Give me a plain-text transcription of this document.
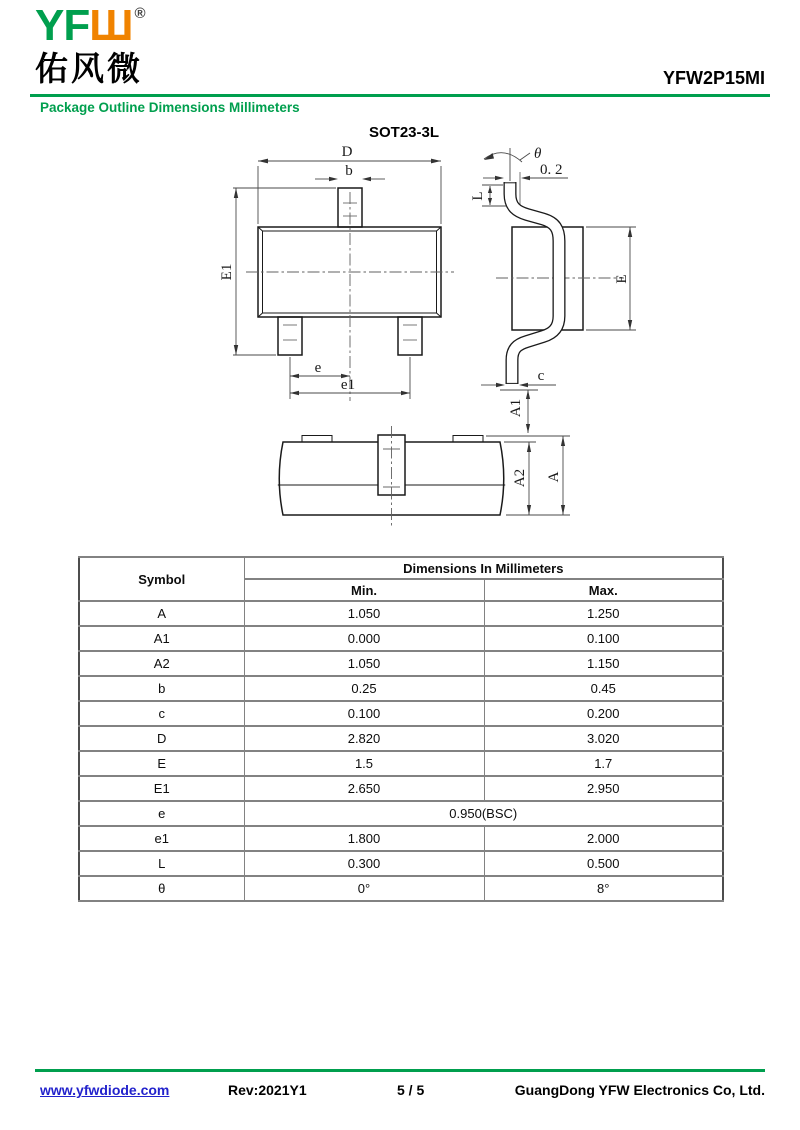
SOT23-3L
D
b
E1
e
e1
θ
0. 2
L
E
c
A1
A2 A
YFШ ®
佑风微	YFW2P15MI
Package Outline Dimensions Millimeters
Symbol	Dimensions In Millimeters	
	Min.	Max.
A	1.050	1.250
A1	0.000	0.100
A2	1.050	1.150
b	0.25	0.45
c	0.100	0.200
D	2.820	3.020
E	1.5	1.7
E1	2.650	2.950
e	0.950(BSC)	
e1	1.800	2.000
L	0.300	0.500
θ	0°	8°
www.yfwdiode.com	Rev:2021Y1	5 / 5	GuangDong YFW Electronics Co, Ltd.
